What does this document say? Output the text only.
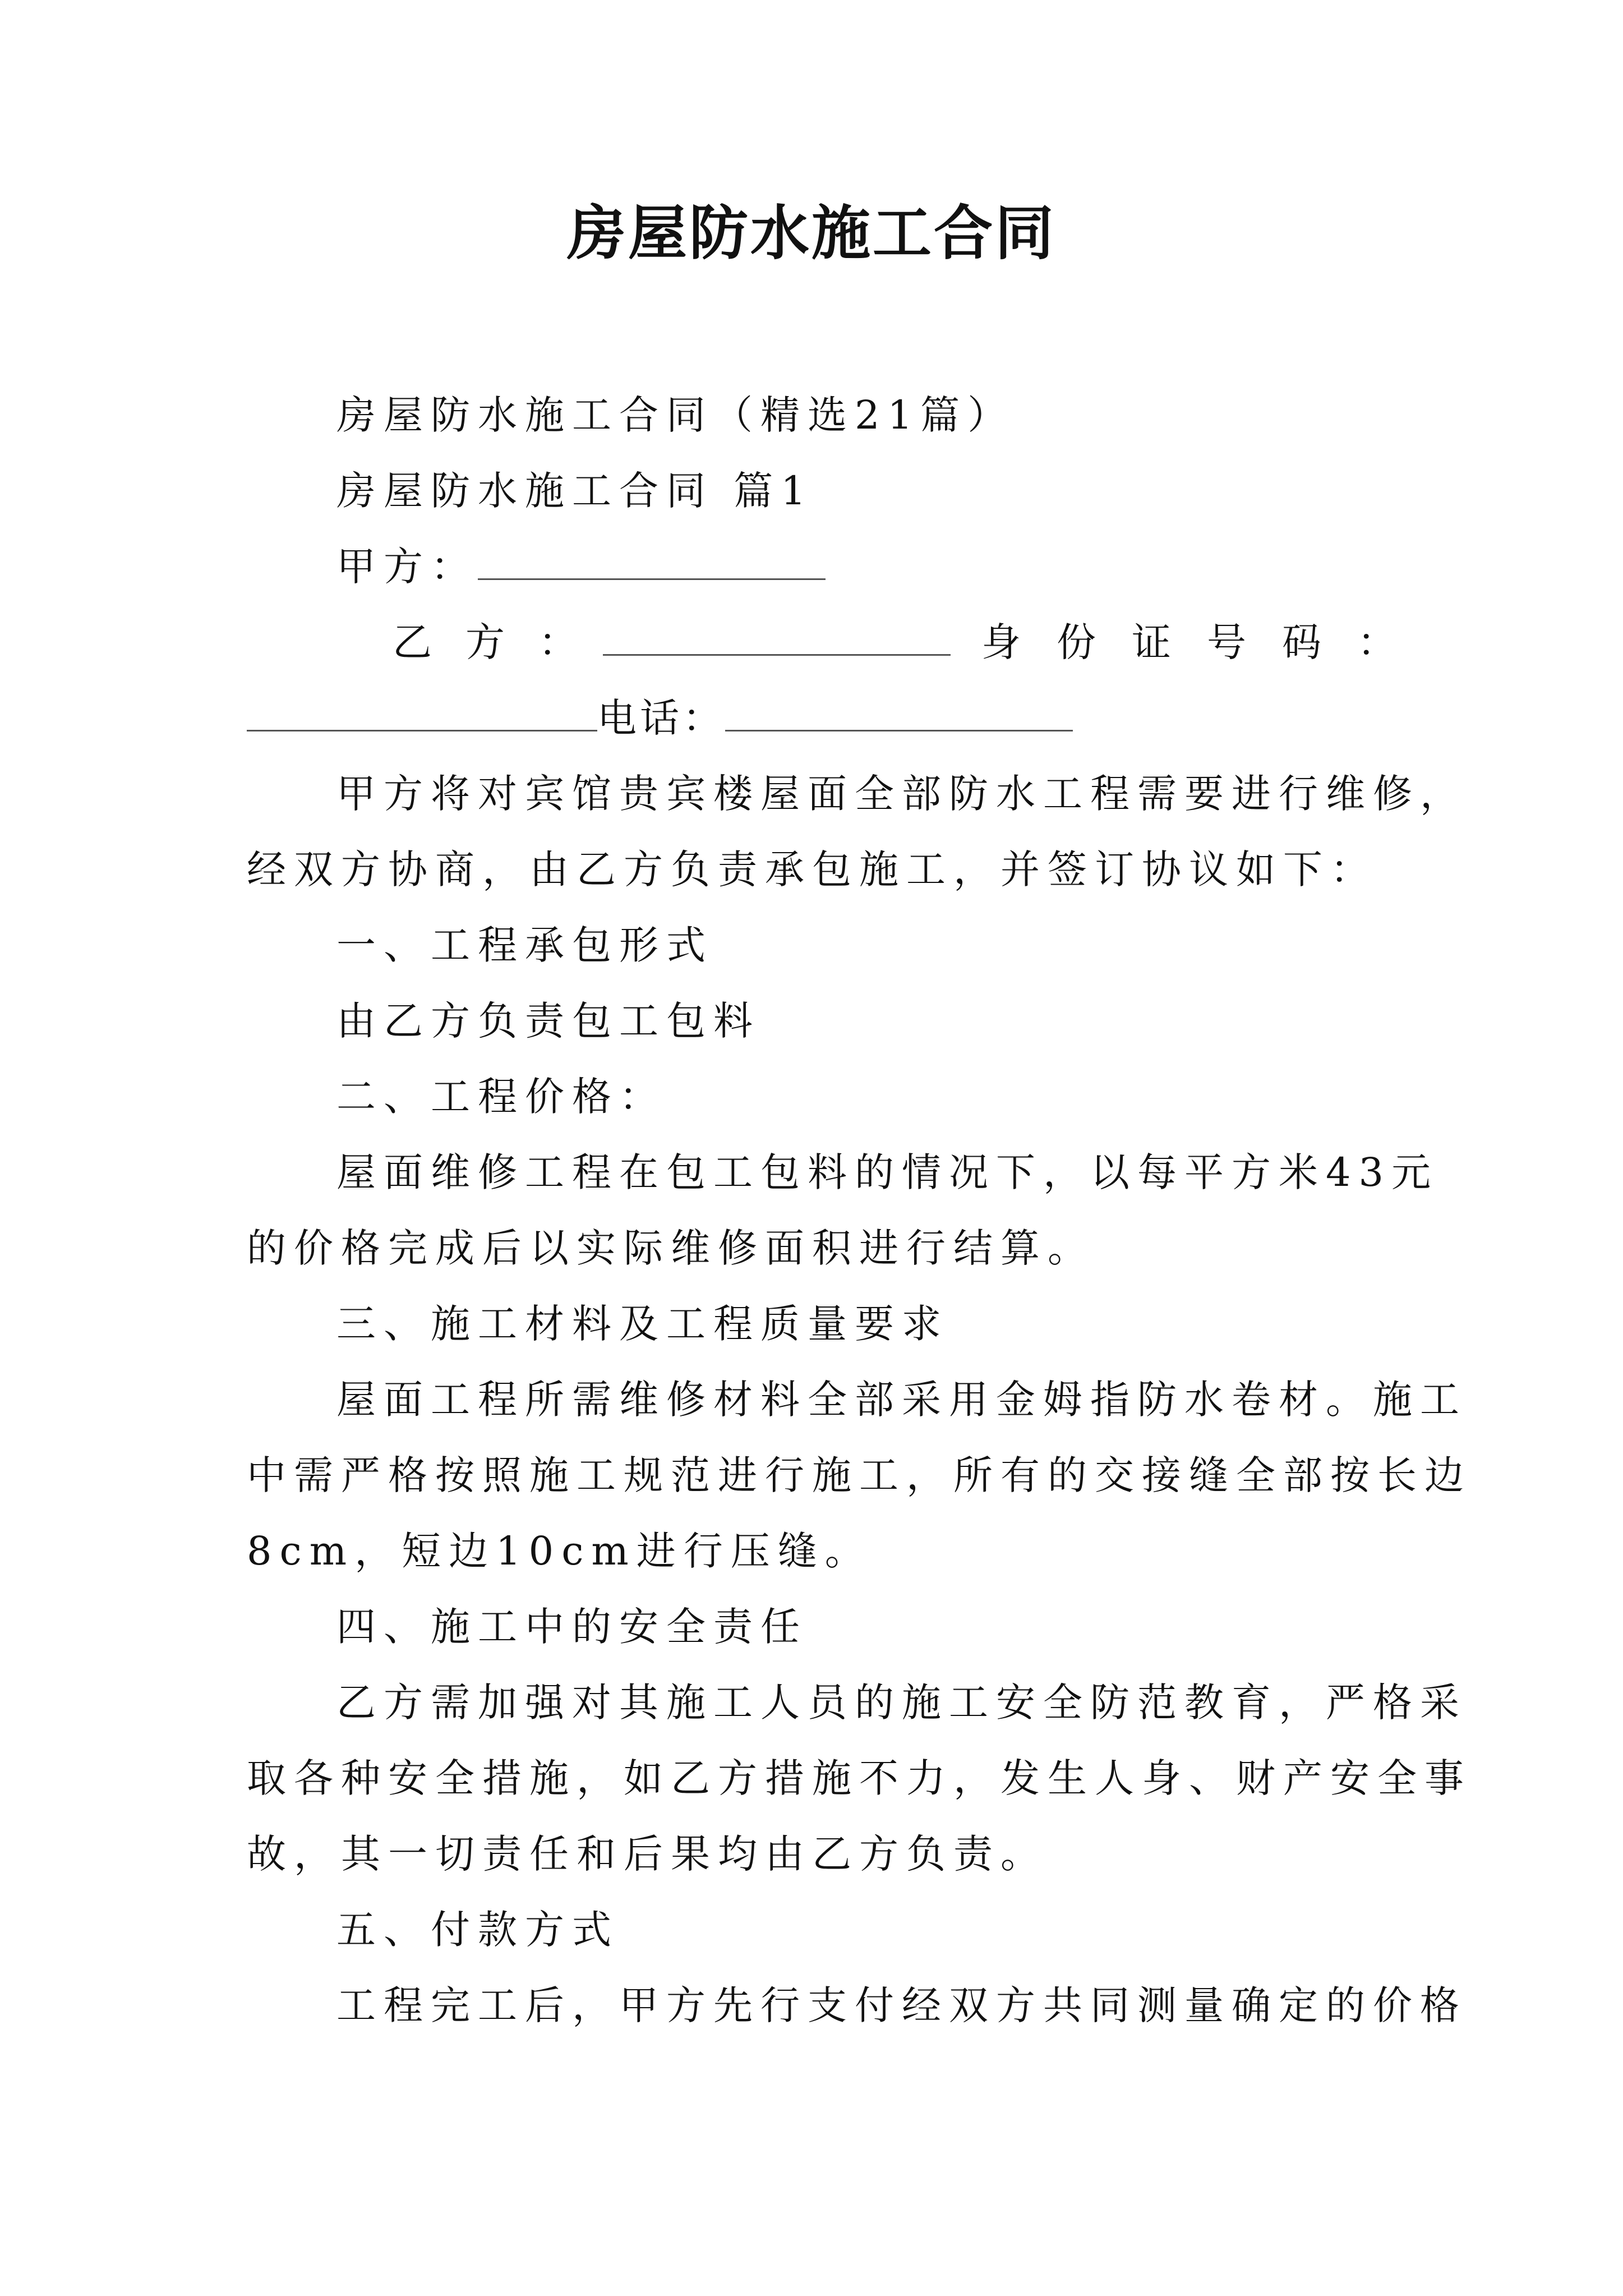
房屋防水施工合同
房屋防水施工合同（精选21篇）
房屋防水施工合同 篇1
甲方：
乙方：	身份证号码：
电话：
甲方将对宾馆贵宾楼屋面全部防水工程需要进行维修，
经双方协商，由乙方负责承包施工，并签订协议如下：
一、工程承包形式
由乙方负责包工包料
二、工程价格：
屋面维修工程在包工包料的情况下，以每平方米43元
的价格完成后以实际维修面积进行结算。
三、施工材料及工程质量要求
屋面工程所需维修材料全部采用金姆指防水卷材。施工
中需严格按照施工规范进行施工，所有的交接缝全部按长边
8cm，短边10cm进行压缝。
四、施工中的安全责任
乙方需加强对其施工人员的施工安全防范教育，严格采
取各种安全措施，如乙方措施不力，发生人身、财产安全事
故，其一切责任和后果均由乙方负责。
五、付款方式
工程完工后，甲方先行支付经双方共同测量确定的价格
